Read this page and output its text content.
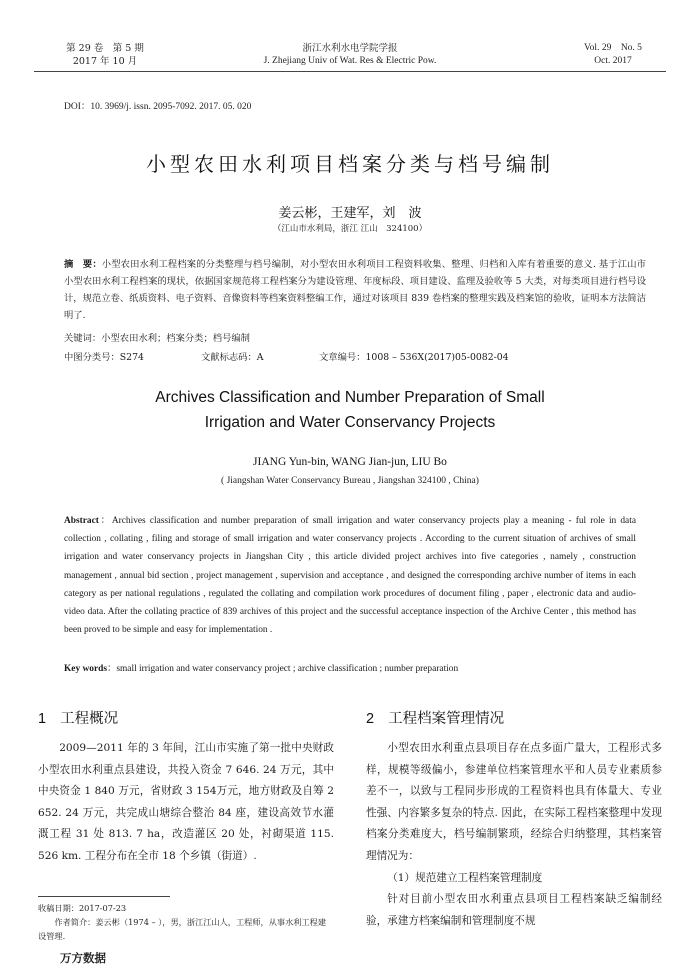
第 29 卷　第 5 期
2017 年 10 月
浙江水利水电学院学报
J. Zhejiang Univ of Wat. Res & Electric Pow.
Vol. 29　No. 5
Oct. 2017
DOI：10. 3969/j. issn. 2095-7092. 2017. 05. 020
小型农田水利项目档案分类与档号编制
姜云彬，王建军，刘　波
（江山市水利局，浙江 江山　324100）
摘　要：小型农田水利工程档案的分类整理与档号编制，对小型农田水利项目工程资料收集、整理、归档和入库有着重要的意义. 基于江山市小型农田水利工程档案的现状，依据国家规范将工程档案分为建设管理、年度标段、项目建设、监理及验收等 5 大类，对每类项目进行档号设计，规范立卷、纸质资料、电子资料、音像资料等档案资料整编工作，通过对该项目 839 卷档案的整理实践及档案馆的验收，证明本方法简洁明了.
关键词：小型农田水利；档案分类；档号编制
中图分类号：S274	文献标志码：A	文章编号：1008 – 536X(2017)05-0082-04
Archives Classification and Number Preparation of Small
Irrigation and Water Conservancy Projects
JIANG Yun-bin, WANG Jian-jun, LIU Bo
( Jiangshan Water Conservancy Bureau , Jiangshan 324100 , China)
Abstract：Archives classification and number preparation of small irrigation and water conservancy projects play a meaning - ful role in data collection , collating , filing and storage of small irrigation and water conservancy projects . According to the current situation of archives of small irrigation and water conservancy projects in Jiangshan City , this article divided project archives into five categories , namely , construction management , annual bid section , project management , supervision and acceptance , and designed the corresponding archive number of items in each category as per national regulations , regulated the collating and compilation work procedures of document filing , paper , electronic data and audio-video data. After the collating practice of 839 archives of this project and the successful acceptance inspection of the Archive Center , this method has been proved to be simple and easy for implementation .
Key words：small irrigation and water conservancy project ; archive classification ; number preparation
1 工程概况
2009—2011 年的 3 年间，江山市实施了第一批中央财政小型农田水利重点县建设，共投入资金 7 646. 24 万元，其中中央资金 1 840 万元，省财政 3 154万元，地方财政及自筹 2 652. 24 万元，共完成山塘综合整治 84 座，建设高效节水灌溉工程 31 处 813. 7 ha，改造灌区 20 处，衬砌渠道 115. 526 km. 工程分布在全市 18 个乡镇（街道）.
2 工程档案管理情况

小型农田水利重点县项目存在点多面广量大，工程形式多样，规模等级偏小，参建单位档案管理水平和人员专业素质参差不一，以致与工程同步形成的工程资料也具有体量大、专业性强、内容繁多复杂的特点. 因此，在实际工程档案整理中发现档案分类难度大，档号编制繁琐，经综合归纳整理，其档案管理情况为：

（1）规范建立工程档案管理制度

针对目前小型农田水利重点县项目工程档案缺乏编制经验，承建方档案编制和管理制度不规

收稿日期：2017-07-23
作者简介：姜云彬（1974 – ），男，浙江江山人，工程师，从事水利工程建设管理.
万方数据
